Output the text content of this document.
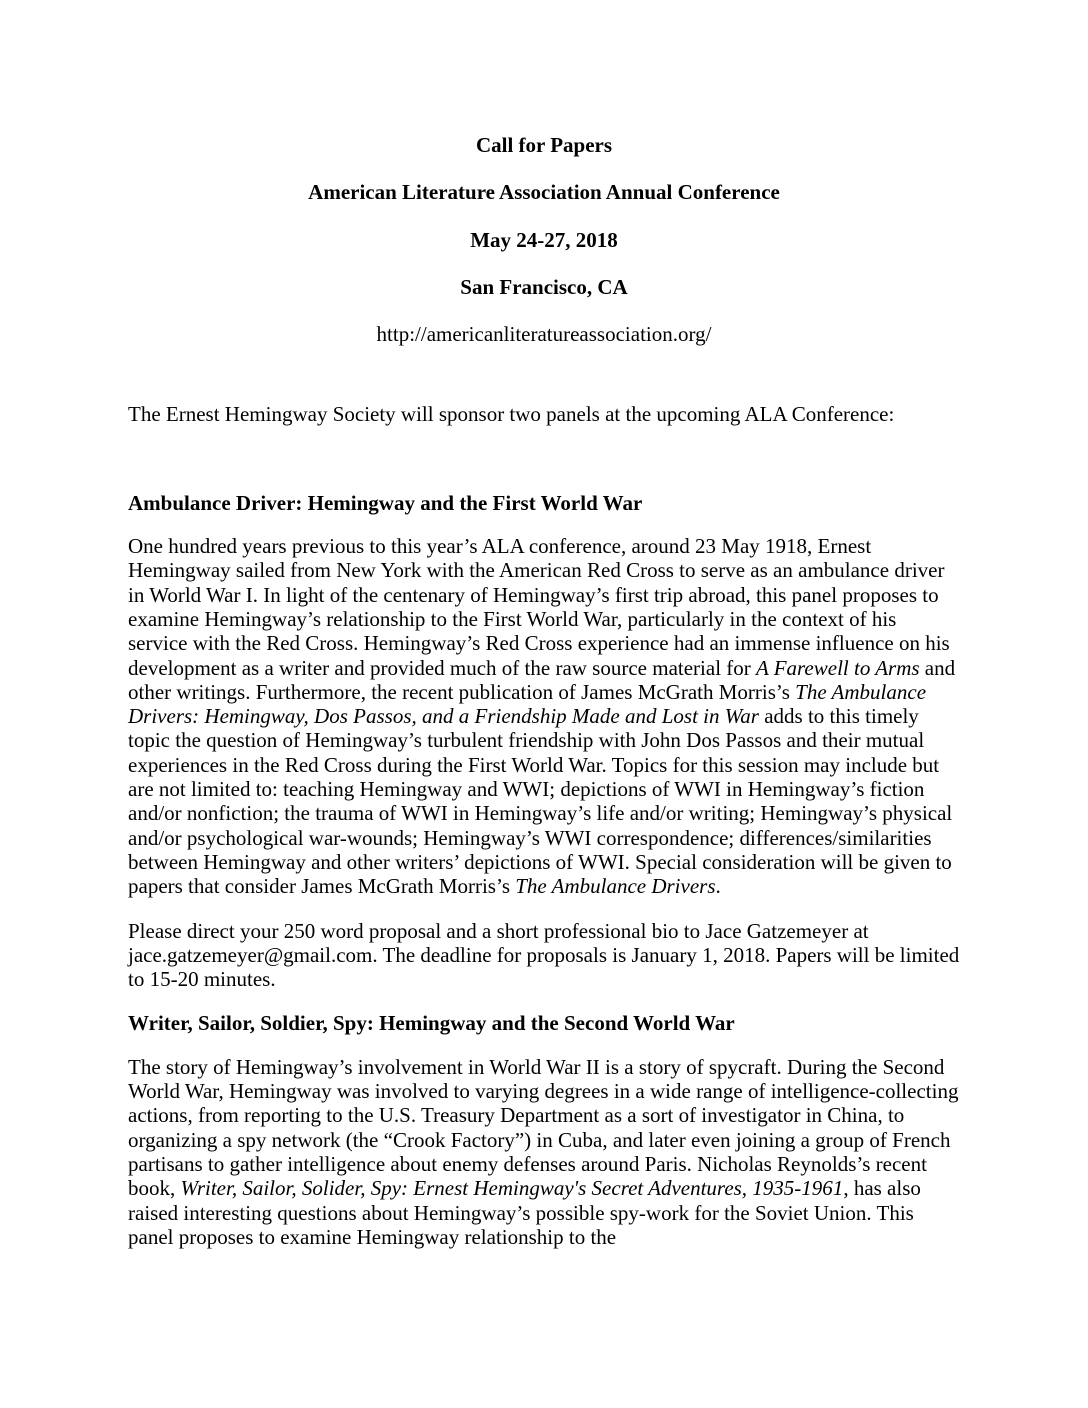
Call for Papers
American Literature Association Annual Conference
May 24-27, 2018
San Francisco, CA
http://americanliteratureassociation.org/
The Ernest Hemingway Society will sponsor two panels at the upcoming ALA Conference:
Ambulance Driver: Hemingway and the First World War
One hundred years previous to this year’s ALA conference, around 23 May 1918, Ernest Hemingway sailed from New York with the American Red Cross to serve as an ambulance driver in World War I. In light of the centenary of Hemingway’s first trip abroad, this panel proposes to examine Hemingway’s relationship to the First World War, particularly in the context of his service with the Red Cross. Hemingway’s Red Cross experience had an immense influence on his development as a writer and provided much of the raw source material for A Farewell to Arms and other writings. Furthermore, the recent publication of James McGrath Morris’s The Ambulance Drivers: Hemingway, Dos Passos, and a Friendship Made and Lost in War adds to this timely topic the question of Hemingway’s turbulent friendship with John Dos Passos and their mutual experiences in the Red Cross during the First World War. Topics for this session may include but are not limited to: teaching Hemingway and WWI; depictions of WWI in Hemingway’s fiction and/or nonfiction; the trauma of WWI in Hemingway’s life and/or writing; Hemingway’s physical and/or psychological war-wounds; Hemingway’s WWI correspondence; differences/similarities between Hemingway and other writers’ depictions of WWI. Special consideration will be given to papers that consider James McGrath Morris’s The Ambulance Drivers.
Please direct your 250 word proposal and a short professional bio to Jace Gatzemeyer at jace.gatzemeyer@gmail.com. The deadline for proposals is January 1, 2018. Papers will be limited to 15-20 minutes.
Writer, Sailor, Soldier, Spy: Hemingway and the Second World War
The story of Hemingway’s involvement in World War II is a story of spycraft. During the Second World War, Hemingway was involved to varying degrees in a wide range of intelligence-collecting actions, from reporting to the U.S. Treasury Department as a sort of investigator in China, to organizing a spy network (the “Crook Factory”) in Cuba, and later even joining a group of French partisans to gather intelligence about enemy defenses around Paris. Nicholas Reynolds’s recent book, Writer, Sailor, Solider, Spy: Ernest Hemingway's Secret Adventures, 1935-1961, has also raised interesting questions about Hemingway’s possible spy-work for the Soviet Union. This panel proposes to examine Hemingway relationship to the
